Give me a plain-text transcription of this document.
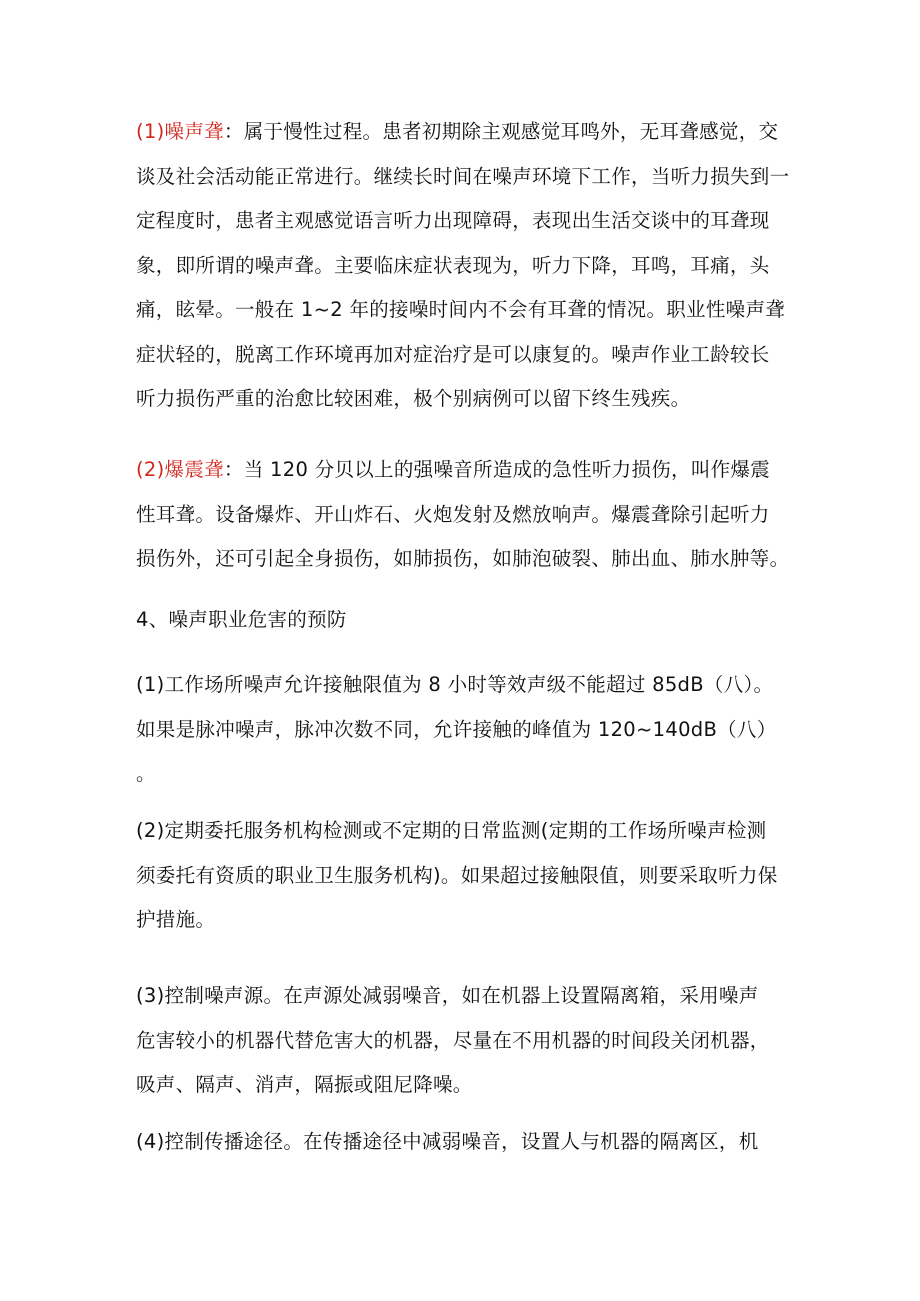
(1)噪声聋：属于慢性过程。患者初期除主观感觉耳鸣外，无耳聋感觉，交
谈及社会活动能正常进行。继续长时间在噪声环境下工作，当听力损失到一
定程度时，患者主观感觉语言听力出现障碍，表现出生活交谈中的耳聋现
象，即所谓的噪声聋。主要临床症状表现为，听力下降，耳鸣，耳痛，头
痛，眩晕。一般在 1~2 年的接噪时间内不会有耳聋的情况。职业性噪声聋
症状轻的，脱离工作环境再加对症治疗是可以康复的。噪声作业工龄较长
听力损伤严重的治愈比较困难，极个别病例可以留下终生残疾。
(2)爆震聋：当 120 分贝以上的强噪音所造成的急性听力损伤，叫作爆震
性耳聋。设备爆炸、开山炸石、火炮发射及燃放响声。爆震聋除引起听力
损伤外，还可引起全身损伤，如肺损伤，如肺泡破裂、肺出血、肺水肿等。
4、噪声职业危害的预防
(1)工作场所噪声允许接触限值为 8 小时等效声级不能超过 85dB（八）。
如果是脉冲噪声，脉冲次数不同，允许接触的峰值为 120~140dB（八）
。
(2)定期委托服务机构检测或不定期的日常监测(定期的工作场所噪声检测
须委托有资质的职业卫生服务机构)。如果超过接触限值，则要采取听力保
护措施。
(3)控制噪声源。在声源处减弱噪音，如在机器上设置隔离箱，采用噪声
危害较小的机器代替危害大的机器，尽量在不用机器的时间段关闭机器，
吸声、隔声、消声，隔振或阻尼降噪。
(4)控制传播途径。在传播途径中减弱噪音，设置人与机器的隔离区，机
